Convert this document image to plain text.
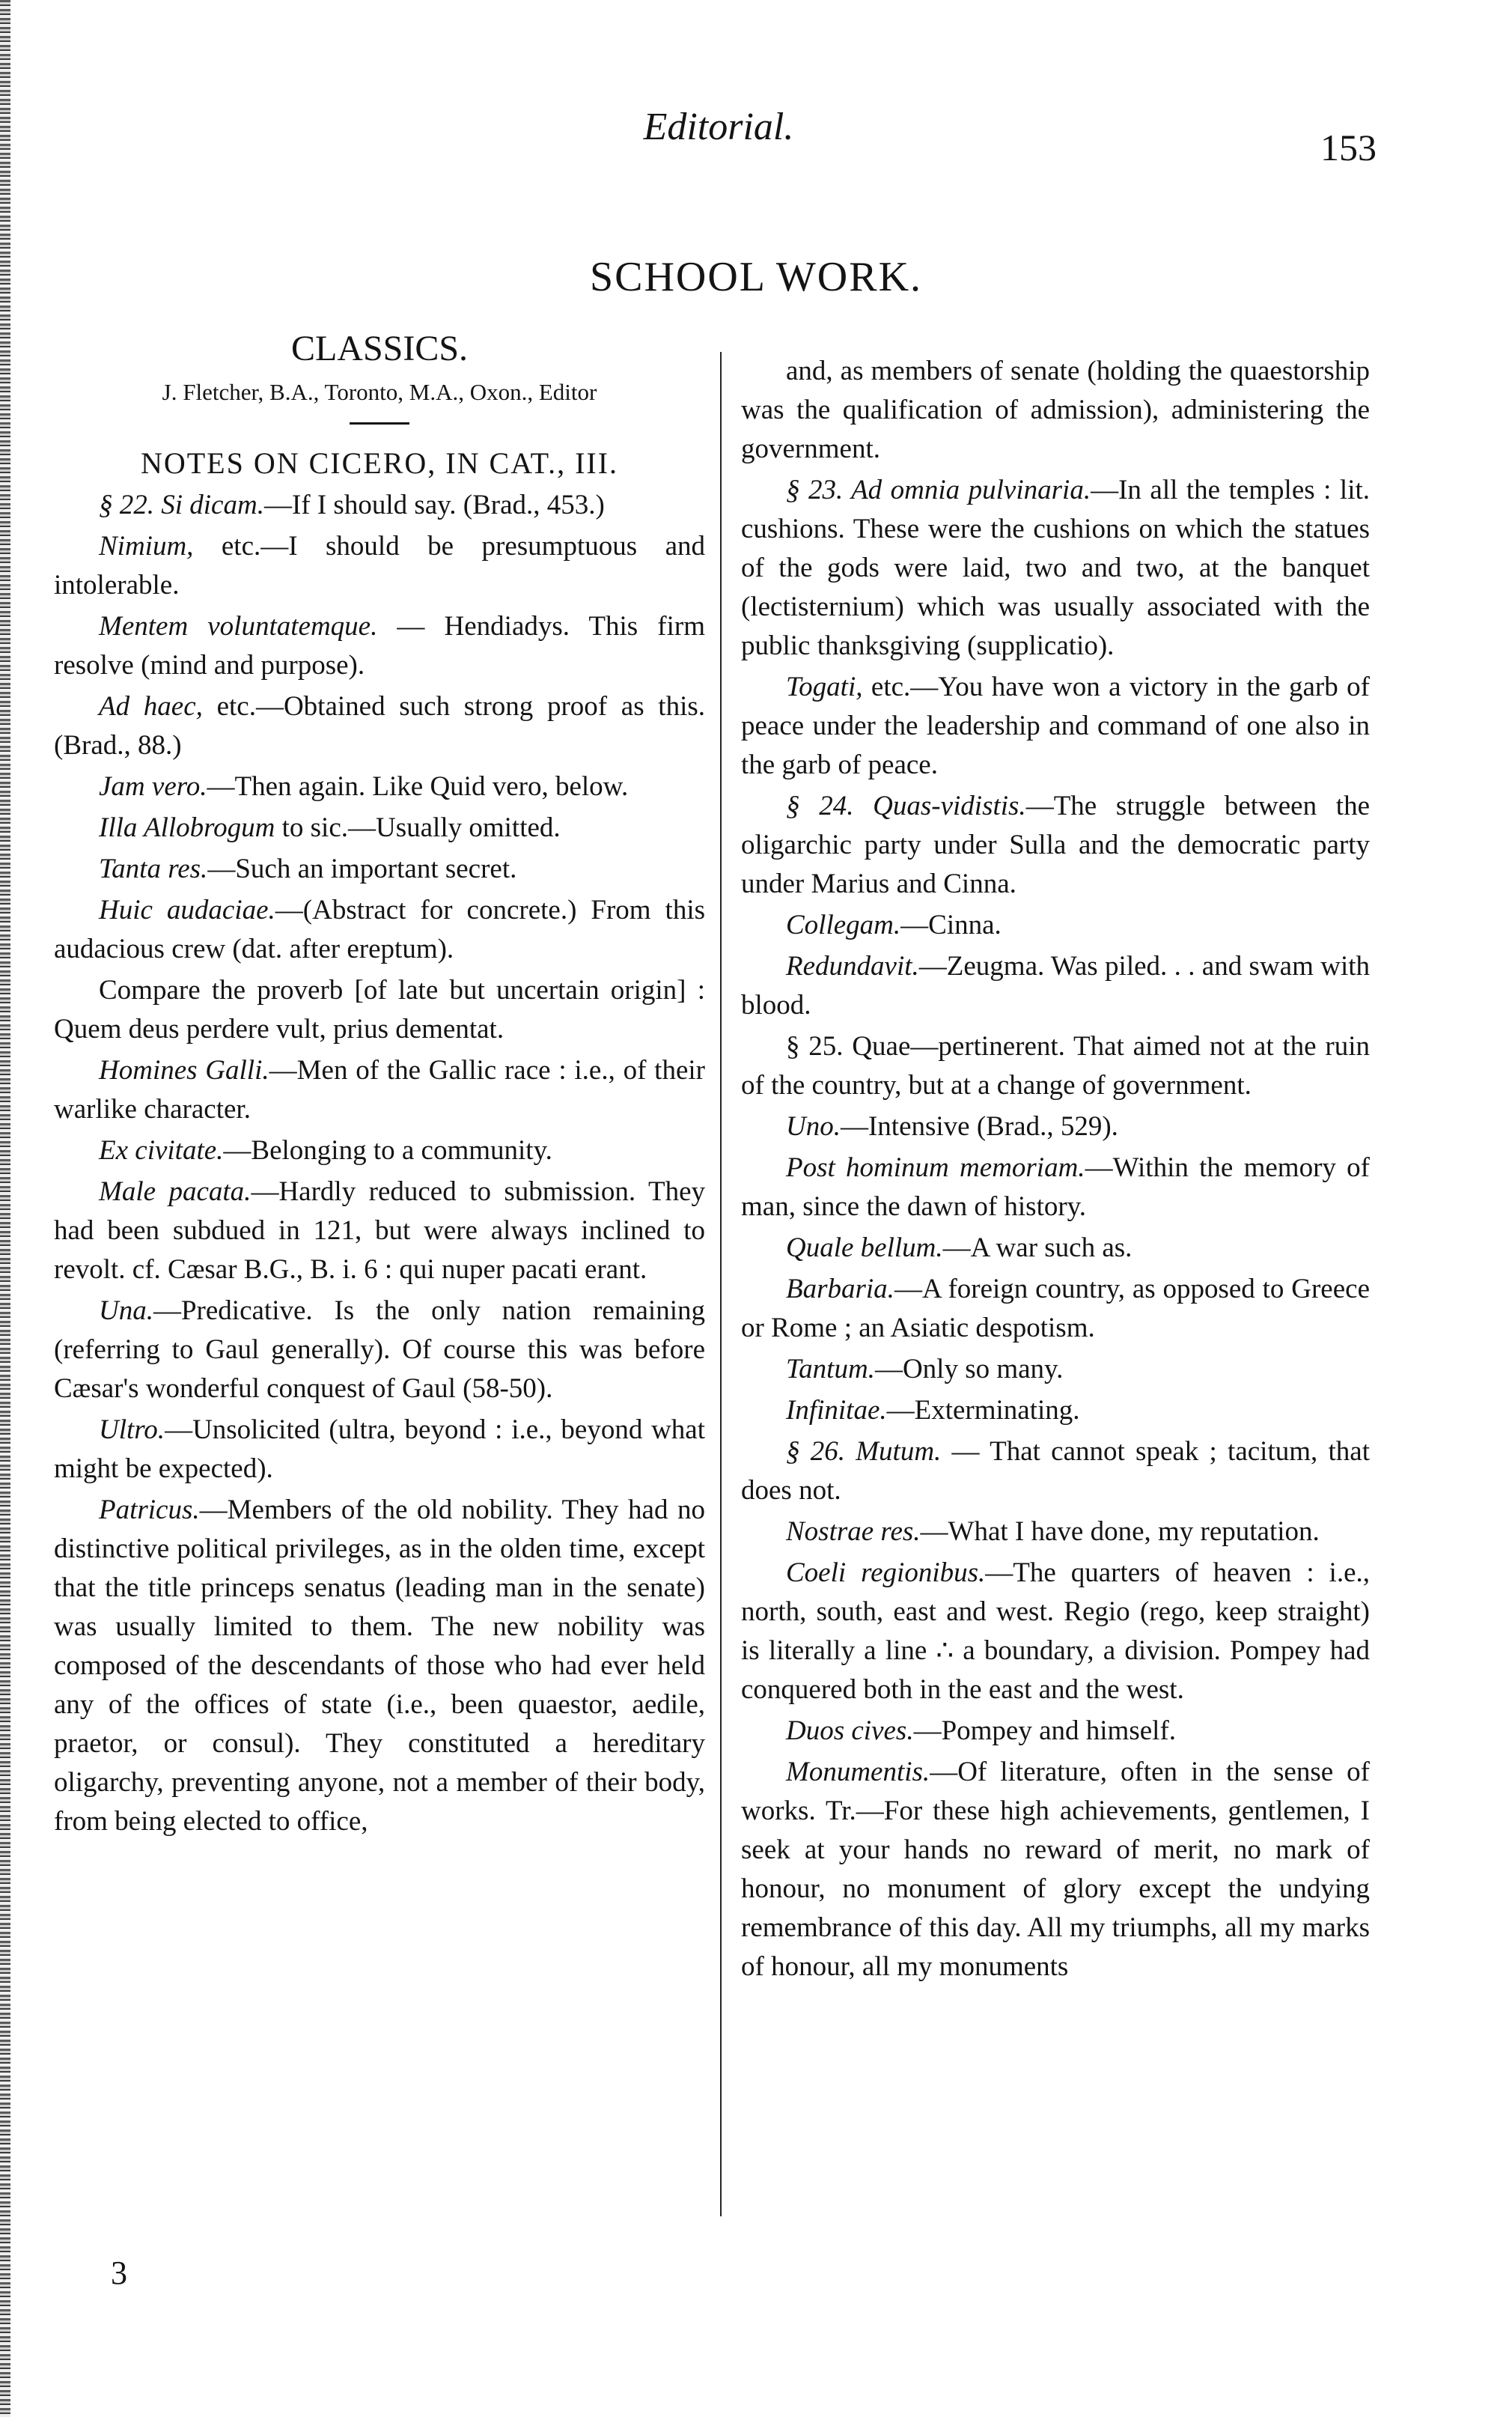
Editorial.	153
SCHOOL WORK.
CLASSICS.
J. Fletcher, B.A., Toronto, M.A., Oxon., Editor
NOTES ON CICERO, IN CAT., III.

§ 22. Si dicam.—If I should say. (Brad., 453.)

Nimium, etc.—I should be presumptuous and intolerable.

Mentem voluntatemque. — Hendiadys. This firm resolve (mind and purpose).

Ad haec, etc.—Obtained such strong proof as this. (Brad., 88.)

Jam vero.—Then again. Like Quid vero, below.

Illa Allobrogum to sic.—Usually omitted.

Tanta res.—Such an important secret.

Huic audaciae.—(Abstract for concrete.) From this audacious crew (dat. after ereptum).

Compare the proverb [of late but uncertain origin] : Quem deus perdere vult, prius dementat.

Homines Galli.—Men of the Gallic race : i.e., of their warlike character.

Ex civitate.—Belonging to a community.

Male pacata.—Hardly reduced to submission. They had been subdued in 121, but were always inclined to revolt. cf. Cæsar B.G., B. i. 6 : qui nuper pacati erant.

Una.—Predicative. Is the only nation remaining (referring to Gaul generally). Of course this was before Cæsar's wonderful conquest of Gaul (58-50).

Ultro.—Unsolicited (ultra, beyond : i.e., beyond what might be expected).

Patricus.—Members of the old nobility. They had no distinctive political privileges, as in the olden time, except that the title princeps senatus (leading man in the senate) was usually limited to them. The new nobility was composed of the descendants of those who had ever held any of the offices of state (i.e., been quaestor, aedile, praetor, or consul). They constituted a hereditary oligarchy, preventing anyone, not a member of their body, from being elected to office,

and, as members of senate (holding the quaestorship was the qualification of admission), administering the government.

§ 23. Ad omnia pulvinaria.—In all the temples : lit. cushions. These were the cushions on which the statues of the gods were laid, two and two, at the banquet (lectisternium) which was usually associated with the public thanksgiving (supplicatio).

Togati, etc.—You have won a victory in the garb of peace under the leadership and command of one also in the garb of peace.

§ 24. Quas-vidistis.—The struggle between the oligarchic party under Sulla and the democratic party under Marius and Cinna.

Collegam.—Cinna.

Redundavit.—Zeugma. Was piled. . . and swam with blood.

§ 25. Quae—pertinerent. That aimed not at the ruin of the country, but at a change of government.

Uno.—Intensive (Brad., 529).

Post hominum memoriam.—Within the memory of man, since the dawn of history.

Quale bellum.—A war such as.

Barbaria.—A foreign country, as opposed to Greece or Rome ; an Asiatic despotism.

Tantum.—Only so many.

Infinitae.—Exterminating.

§ 26. Mutum. — That cannot speak ; tacitum, that does not.

Nostrae res.—What I have done, my reputation.

Coeli regionibus.—The quarters of heaven : i.e., north, south, east and west. Regio (rego, keep straight) is literally a line ∴ a boundary, a division. Pompey had conquered both in the east and the west.

Duos cives.—Pompey and himself.

Monumentis.—Of literature, often in the sense of works. Tr.—For these high achievements, gentlemen, I seek at your hands no reward of merit, no mark of honour, no monument of glory except the undying remembrance of this day. All my triumphs, all my marks of honour, all my monuments

3
